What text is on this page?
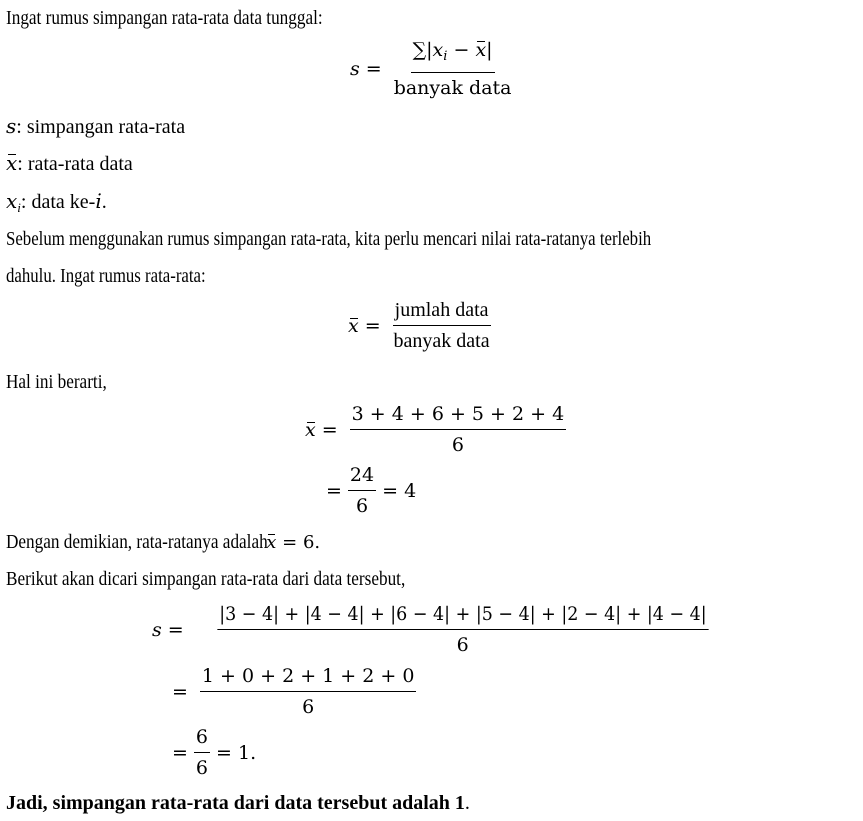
Ingat rumus simpangan rata-rata data tunggal:
$s = \frac{\sum|x_i - x|}{\text{banyak data}}$
s: simpangan rata-rata
x: rata-rata data
$x_i$: data ke-i.
Sebelum menggunakan rumus simpangan rata-rata, kita perlu mencari nilai rata-ratanya terlebih
dahulu. Ingat rumus rata-rata:
$x = \frac{\text{jumlah data}}{\text{banyak data}}$
Hal ini berarti,
$x = \frac{3 + 4 + 6 + 5 + 2 + 4}{6}$
= $\frac{24}{6} = 4$
Dengan demikian, rata-ratanya adalahx = 6.
Berikut akan dicari simpangan rata-rata dari data tersebut,
$s = \frac{|3 - 4| + |4 - 4| + |6 - 4| + |5 - 4| + |2 - 4| + |4 - 4|}{6}$
= $\frac{1 + 0 + 2 + 1 + 2 + 0}{6}$
= $\frac{6}{6} = 1$.
Jadi, simpangan rata-rata dari data tersebut adalah 1.
